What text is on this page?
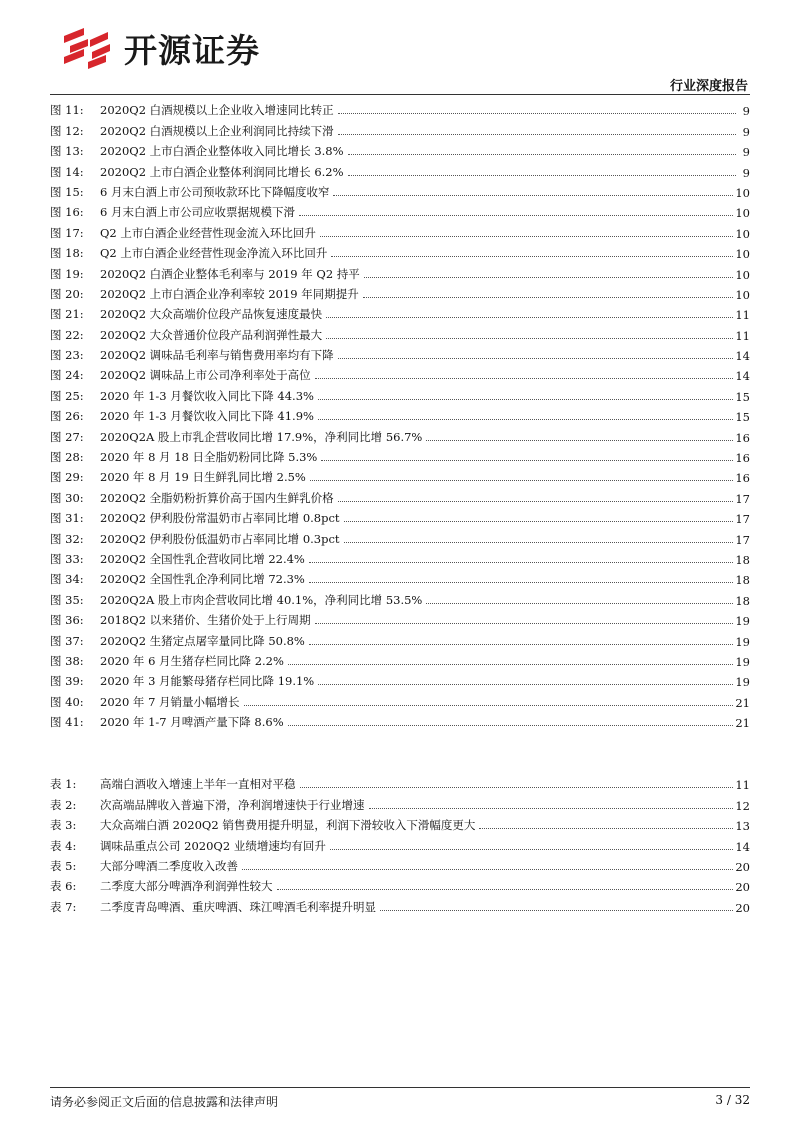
开源证券
行业深度报告
图 11:	2020Q2 白酒规模以上企业收入增速同比转正	9
图 12:	2020Q2 白酒规模以上企业利润同比持续下滑	9
图 13:	2020Q2 上市白酒企业整体收入同比增长 3.8%	9
图 14:	2020Q2 上市白酒企业整体利润同比增长 6.2%	9
图 15:	6 月末白酒上市公司预收款环比下降幅度收窄	10
图 16:	6 月末白酒上市公司应收票据规模下滑	10
图 17:	Q2 上市白酒企业经营性现金流入环比回升	10
图 18:	Q2 上市白酒企业经营性现金净流入环比回升	10
图 19:	2020Q2 白酒企业整体毛利率与 2019 年 Q2 持平	10
图 20:	2020Q2 上市白酒企业净利率较 2019 年同期提升	10
图 21:	2020Q2 大众高端价位段产品恢复速度最快	11
图 22:	2020Q2 大众普通价位段产品利润弹性最大	11
图 23:	2020Q2 调味品毛利率与销售费用率均有下降	14
图 24:	2020Q2 调味品上市公司净利率处于高位	14
图 25:	2020 年 1-3 月餐饮收入同比下降 44.3%	15
图 26:	2020 年 1-3 月餐饮收入同比下降 41.9%	15
图 27:	2020Q2A 股上市乳企营收同比增 17.9%，净利同比增 56.7%	16
图 28:	2020 年 8 月 18 日全脂奶粉同比降 5.3%	16
图 29:	2020 年 8 月 19 日生鲜乳同比增 2.5%	16
图 30:	2020Q2 全脂奶粉折算价高于国内生鲜乳价格	17
图 31:	2020Q2 伊利股份常温奶市占率同比增 0.8pct	17
图 32:	2020Q2 伊利股份低温奶市占率同比增 0.3pct	17
图 33:	2020Q2 全国性乳企营收同比增 22.4%	18
图 34:	2020Q2 全国性乳企净利同比增 72.3%	18
图 35:	2020Q2A 股上市肉企营收同比增 40.1%，净利同比增 53.5%	18
图 36:	2018Q2 以来猪价、生猪价处于上行周期	19
图 37:	2020Q2 生猪定点屠宰量同比降 50.8%	19
图 38:	2020 年 6 月生猪存栏同比降 2.2%	19
图 39:	2020 年 3 月能繁母猪存栏同比降 19.1%	19
图 40:	2020 年 7 月销量小幅增长	21
图 41:	2020 年 1-7 月啤酒产量下降 8.6%	21
表 1:	高端白酒收入增速上半年一直相对平稳	11
表 2:	次高端品牌收入普遍下滑，净利润增速快于行业增速	12
表 3:	大众高端白酒 2020Q2 销售费用提升明显，利润下滑较收入下滑幅度更大	13
表 4:	调味品重点公司 2020Q2 业绩增速均有回升	14
表 5:	大部分啤酒二季度收入改善	20
表 6:	二季度大部分啤酒净利润弹性较大	20
表 7:	二季度青岛啤酒、重庆啤酒、珠江啤酒毛利率提升明显	20
请务必参阅正文后面的信息披露和法律声明	3 / 32
